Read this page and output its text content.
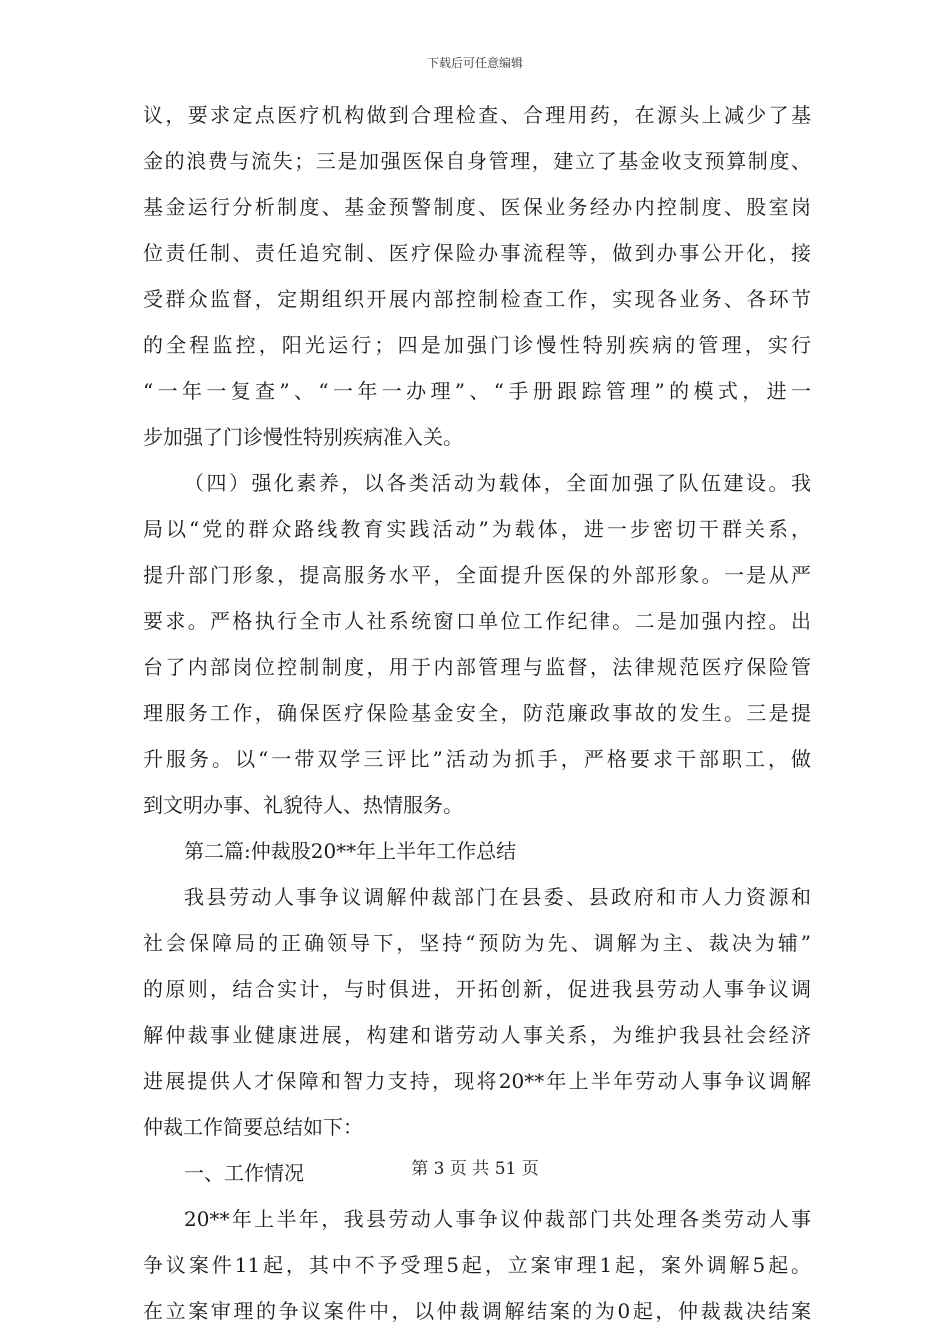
下载后可任意编辑
议，要求定点医疗机构做到合理检查、合理用药，在源头上减少了基
金的浪费与流失；三是加强医保自身管理，建立了基金收支预算制度、
基金运行分析制度、基金预警制度、医保业务经办内控制度、股室岗
位责任制、责任追究制、医疗保险办事流程等，做到办事公开化，接
受群众监督，定期组织开展内部控制检查工作，实现各业务、各环节
的全程监控，阳光运行；四是加强门诊慢性特别疾病的管理，实行
“一年一复查”、“一年一办理”、“手册跟踪管理”的模式，进一
步加强了门诊慢性特别疾病准入关。
（四）强化素养，以各类活动为载体，全面加强了队伍建设。我
局以“党的群众路线教育实践活动”为载体，进一步密切干群关系，
提升部门形象，提高服务水平，全面提升医保的外部形象。一是从严
要求。严格执行全市人社系统窗口单位工作纪律。二是加强内控。出
台了内部岗位控制制度，用于内部管理与监督，法律规范医疗保险管
理服务工作，确保医疗保险基金安全，防范廉政事故的发生。三是提
升服务。以“一带双学三评比”活动为抓手，严格要求干部职工，做
到文明办事、礼貌待人、热情服务。
第二篇:仲裁股20**年上半年工作总结
我县劳动人事争议调解仲裁部门在县委、县政府和市人力资源和
社会保障局的正确领导下，坚持“预防为先、调解为主、裁决为辅”
的原则，结合实计，与时俱进，开拓创新，促进我县劳动人事争议调
解仲裁事业健康进展，构建和谐劳动人事关系，为维护我县社会经济
进展提供人才保障和智力支持，现将20**年上半年劳动人事争议调解
仲裁工作简要总结如下：
一、工作情况
20**年上半年，我县劳动人事争议仲裁部门共处理各类劳动人事
争议案件11起，其中不予受理5起，立案审理1起，案外调解5起。
在立案审理的争议案件中，以仲裁调解结案的为0起，仲裁裁决结案
第 3 页 共 51 页
